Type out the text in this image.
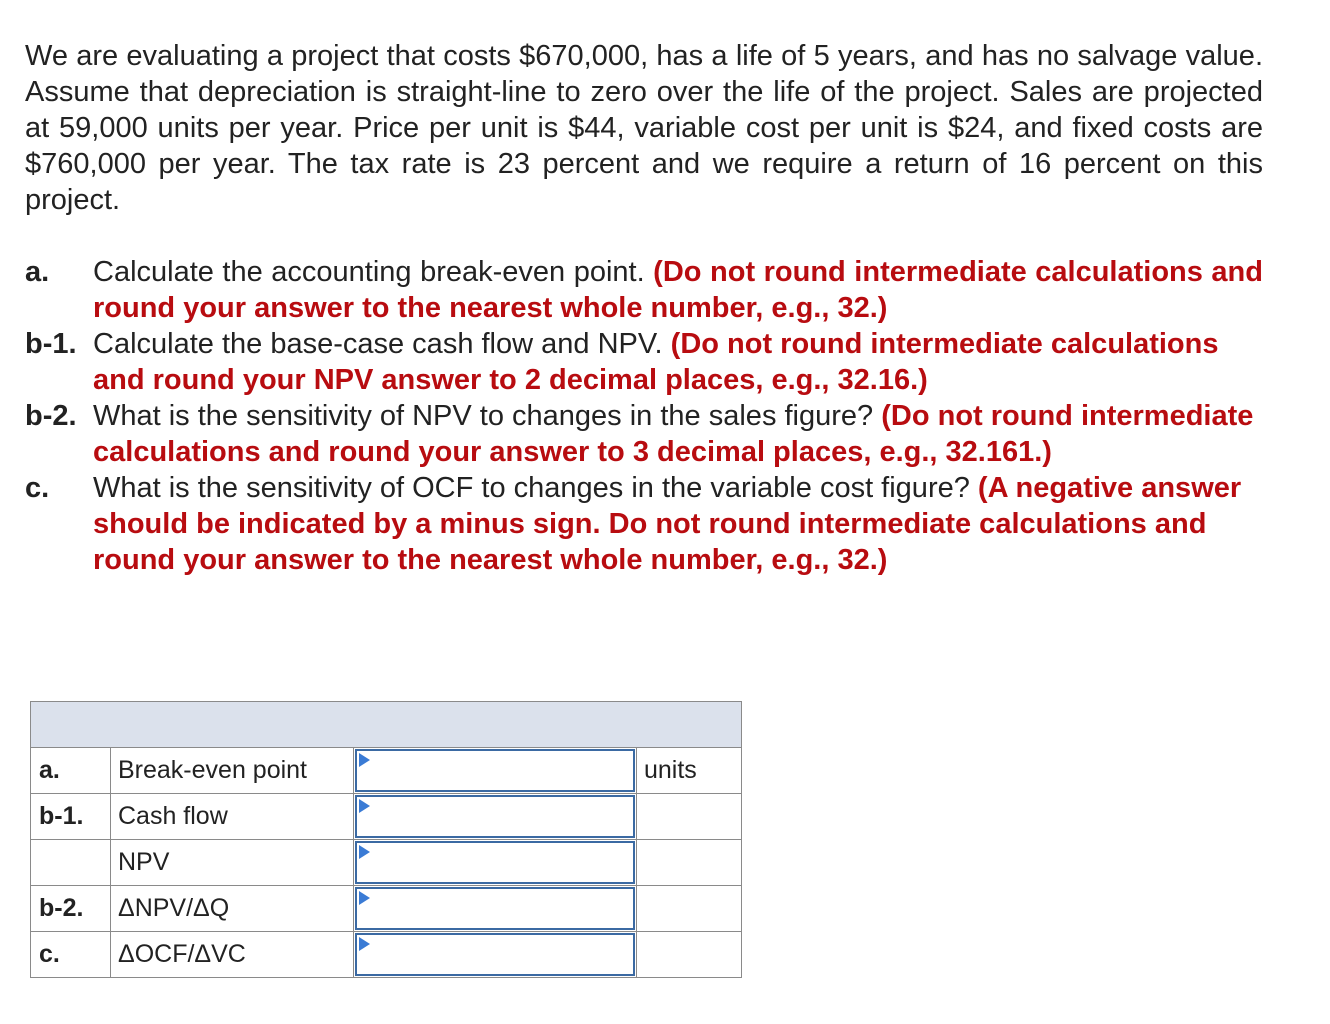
We are evaluating a project that costs $670,000, has a life of 5 years, and has no salvage value. Assume that depreciation is straight-line to zero over the life of the project. Sales are projected at 59,000 units per year. Price per unit is $44, variable cost per unit is $24, and fixed costs are $760,000 per year. The tax rate is 23 percent and we require a return of 16 percent on this project.

a.	Calculate the accounting break-even point. (Do not round intermediate calculations and round your answer to the nearest whole number, e.g., 32.)
b-1. Calculate the base-case cash flow and NPV. (Do not round intermediate calculations and round your NPV answer to 2 decimal places, e.g., 32.16.)
b-2. What is the sensitivity of NPV to changes in the sales figure? (Do not round intermediate calculations and round your answer to 3 decimal places, e.g., 32.161.)
c.	What is the sensitivity of OCF to changes in the variable cost figure? (A negative answer should be indicated by a minus sign. Do not round intermediate calculations and round your answer to the nearest whole number, e.g., 32.)

a.	Break-even point		units
b-1.	Cash flow	

	NPV	

b-2.	ΔNPV/ΔQ	

c.	ΔOCF/ΔVC	
